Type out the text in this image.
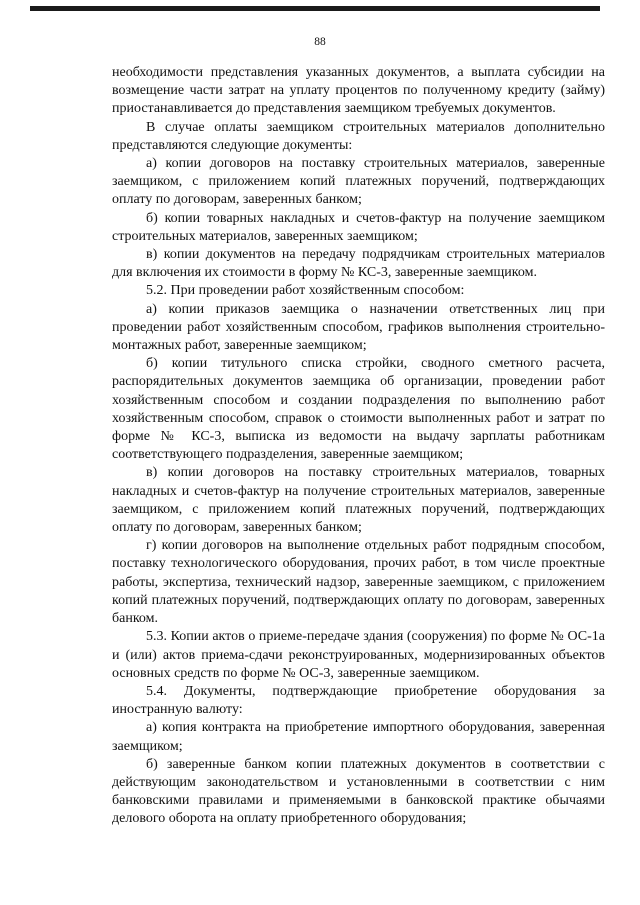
88

необходимости представления указанных документов, а выплата субсидии на возмещение части затрат на уплату процентов по полученному кредиту (займу) приостанавливается до представления заемщиком требуемых документов.

В случае оплаты заемщиком строительных материалов дополнительно представляются следующие документы:

а) копии договоров на поставку строительных материалов, заверенные заемщиком, с приложением копий платежных поручений, подтверждающих оплату по договорам, заверенных банком;

б) копии товарных накладных и счетов-фактур на получение заемщиком строительных материалов, заверенных заемщиком;

в) копии документов на передачу подрядчикам строительных материалов для включения их стоимости в форму № КС-3, заверенные заемщиком.

5.2. При проведении работ хозяйственным способом:

а) копии приказов заемщика о назначении ответственных лиц при проведении работ хозяйственным способом, графиков выполнения строительно-монтажных работ, заверенные заемщиком;

б) копии титульного списка стройки, сводного сметного расчета, распорядительных документов заемщика об организации, проведении работ хозяйственным способом и создании подразделения по выполнению работ хозяйственным способом, справок о стоимости выполненных работ и затрат по форме № КС-3, выписка из ведомости на выдачу зарплаты работникам соответствующего подразделения, заверенные заемщиком;

в) копии договоров на поставку строительных материалов, товарных накладных и счетов-фактур на получение строительных материалов, заверенные заемщиком, с приложением копий платежных поручений, подтверждающих оплату по договорам, заверенных банком;

г) копии договоров на выполнение отдельных работ подрядным способом, поставку технологического оборудования, прочих работ, в том числе проектные работы, экспертиза, технический надзор, заверенные заемщиком, с приложением копий платежных поручений, подтверждающих оплату по договорам, заверенных банком.

5.3. Копии актов о приеме-передаче здания (сооружения) по форме № ОС-1а и (или) актов приема-сдачи реконструированных, модернизированных объектов основных средств по форме № ОС-3, заверенные заемщиком.

5.4. Документы, подтверждающие приобретение оборудования за иностранную валюту:

а) копия контракта на приобретение импортного оборудования, заверенная заемщиком;

б) заверенные банком копии платежных документов в соответствии с действующим законодательством и установленными в соответствии с ним банковскими правилами и применяемыми в банковской практике обычаями делового оборота на оплату приобретенного оборудования;
